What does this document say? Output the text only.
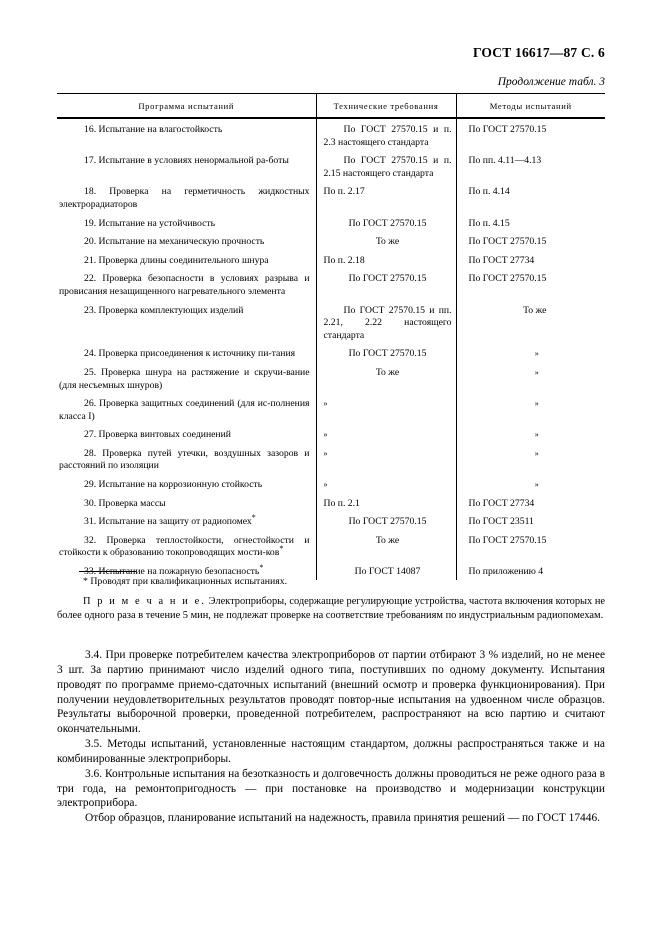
ГОСТ 16617—87 С. 6
Продолжение табл. 3
Программа испытаний	Технические требования	Методы испытаний

16. Испытание на влагостойкость	По ГОСТ 27570.15 и п. 2.3 настоящего стандарта	По ГОСТ 27570.15

17. Испытание в условиях ненормальной ра-боты	По ГОСТ 27570.15 и п. 2.15 настоящего стандарта	По пп. 4.11—4.13

18. Проверка на герметичность жидкостных электрорадиаторов	По п. 2.17	По п. 4.14

19. Испытание на устойчивость	По ГОСТ 27570.15	По п. 4.15

20. Испытание на механическую прочность	То же	По ГОСТ 27570.15

21. Проверка длины соединительного шнура	По п. 2.18	По ГОСТ 27734

22. Проверка безопасности в условиях разрыва и провисания незащищенного нагревательного элемента	По ГОСТ 27570.15	По ГОСТ 27570.15

23. Проверка комплектующих изделий	По ГОСТ 27570.15 и пп. 2.21, 2.22 настоящего стандарта	То же

24. Проверка присоединения к источнику пи-тания	По ГОСТ 27570.15	»

25. Проверка шнура на растяжение и скручи-вание (для несъемных шнуров)	То же	»

26. Проверка защитных соединений (для ис-полнения класса I)	»	»

27. Проверка винтовых соединений	»	»

28. Проверка путей утечки, воздушных зазоров и расстояний по изоляции	»	»

29. Испытание на коррозионную стойкость	»	»

30. Проверка массы	По п. 2.1	По ГОСТ 27734

31. Испытание на защиту от радиопомех*	По ГОСТ 27570.15	По ГОСТ 23511

32. Проверка теплостойкости, огнестойкости и стойкости к образованию токопроводящих мости-ков*	То же	По ГОСТ 27570.15

33. Испытание на пожарную безопасность*	По ГОСТ 14087	По приложению 4
* Проводят при квалификационных испытаниях.
П р и м е ч а н и е. Электроприборы, содержащие регулирующие устройства, частота включения которых не более одного раза в течение 5 мин, не подлежат проверке на соответствие требованиям по индустриальным радиопомехам.

3.4. При проверке потребителем качества электроприборов от партии отбирают 3 % изделий, но не менее 3 шт. За партию принимают число изделий одного типа, поступивших по одному документу. Испытания проводят по программе приемо-сдаточных испытаний (внешний осмотр и проверка функционирования). При получении неудовлетворительных результатов проводят повтор-ные испытания на удвоенном числе образцов. Результаты выборочной проверки, проведенной потребителем, распространяют на всю партию и считают окончательными.

3.5. Методы испытаний, установленные настоящим стандартом, должны распространяться также и на комбинированные электроприборы.

3.6. Контрольные испытания на безотказность и долговечность должны проводиться не реже одного раза в три года, на ремонтопригодность — при постановке на производство и модернизации конструкции электроприбора.

Отбор образцов, планирование испытаний на надежность, правила принятия решений — по ГОСТ 17446.
